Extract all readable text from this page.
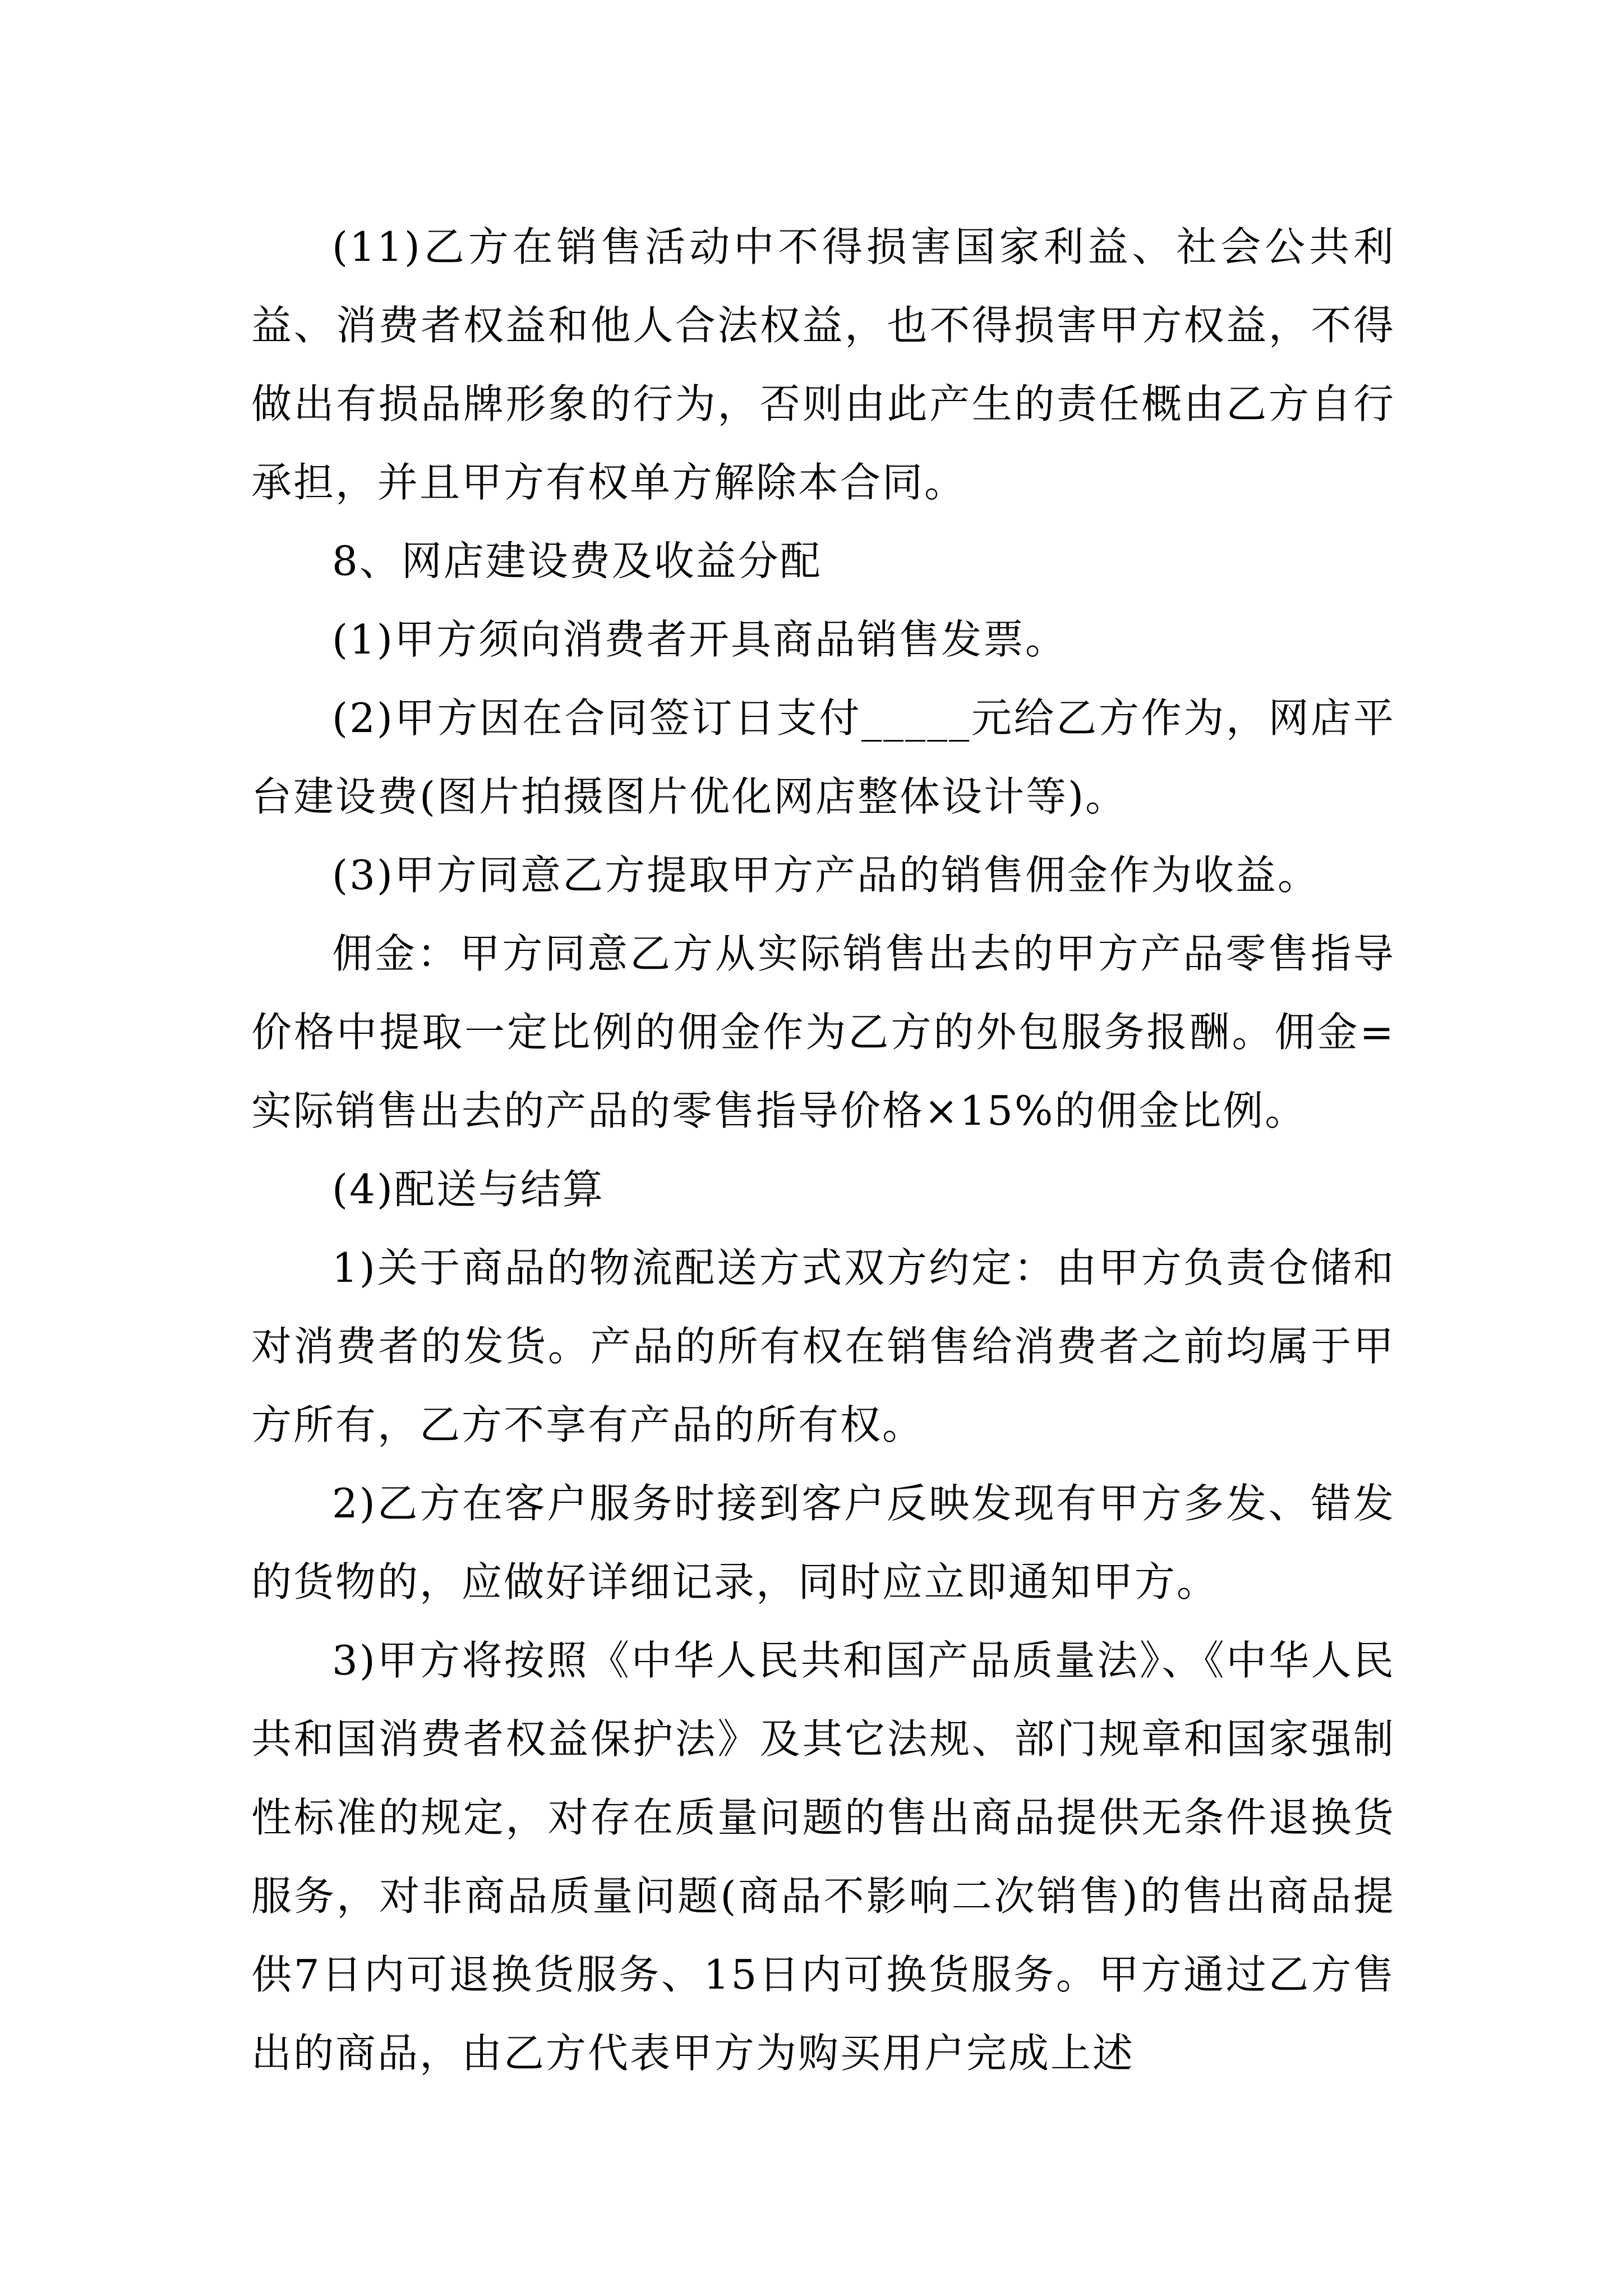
(11)乙方在销售活动中不得损害国家利益、社会公共利益、消费者权益和他人合法权益，也不得损害甲方权益，不得做出有损品牌形象的行为，否则由此产生的责任概由乙方自行承担，并且甲方有权单方解除本合同。

8、网店建设费及收益分配

(1)甲方须向消费者开具商品销售发票。

(2)甲方因在合同签订日支付_____元给乙方作为，网店平台建设费(图片拍摄图片优化网店整体设计等)。

(3)甲方同意乙方提取甲方产品的销售佣金作为收益。

佣金：甲方同意乙方从实际销售出去的甲方产品零售指导价格中提取一定比例的佣金作为乙方的外包服务报酬。佣金=实际销售出去的产品的零售指导价格×15%的佣金比例。

(4)配送与结算

1)关于商品的物流配送方式双方约定：由甲方负责仓储和对消费者的发货。产品的所有权在销售给消费者之前均属于甲方所有，乙方不享有产品的所有权。

2)乙方在客户服务时接到客户反映发现有甲方多发、错发的货物的，应做好详细记录，同时应立即通知甲方。

3)甲方将按照《中华人民共和国产品质量法》、《中华人民共和国消费者权益保护法》及其它法规、部门规章和国家强制性标准的规定，对存在质量问题的售出商品提供无条件退换货服务，对非商品质量问题(商品不影响二次销售)的售出商品提供7日内可退换货服务、15日内可换货服务。甲方通过乙方售出的商品，由乙方代表甲方为购买用户完成上述
